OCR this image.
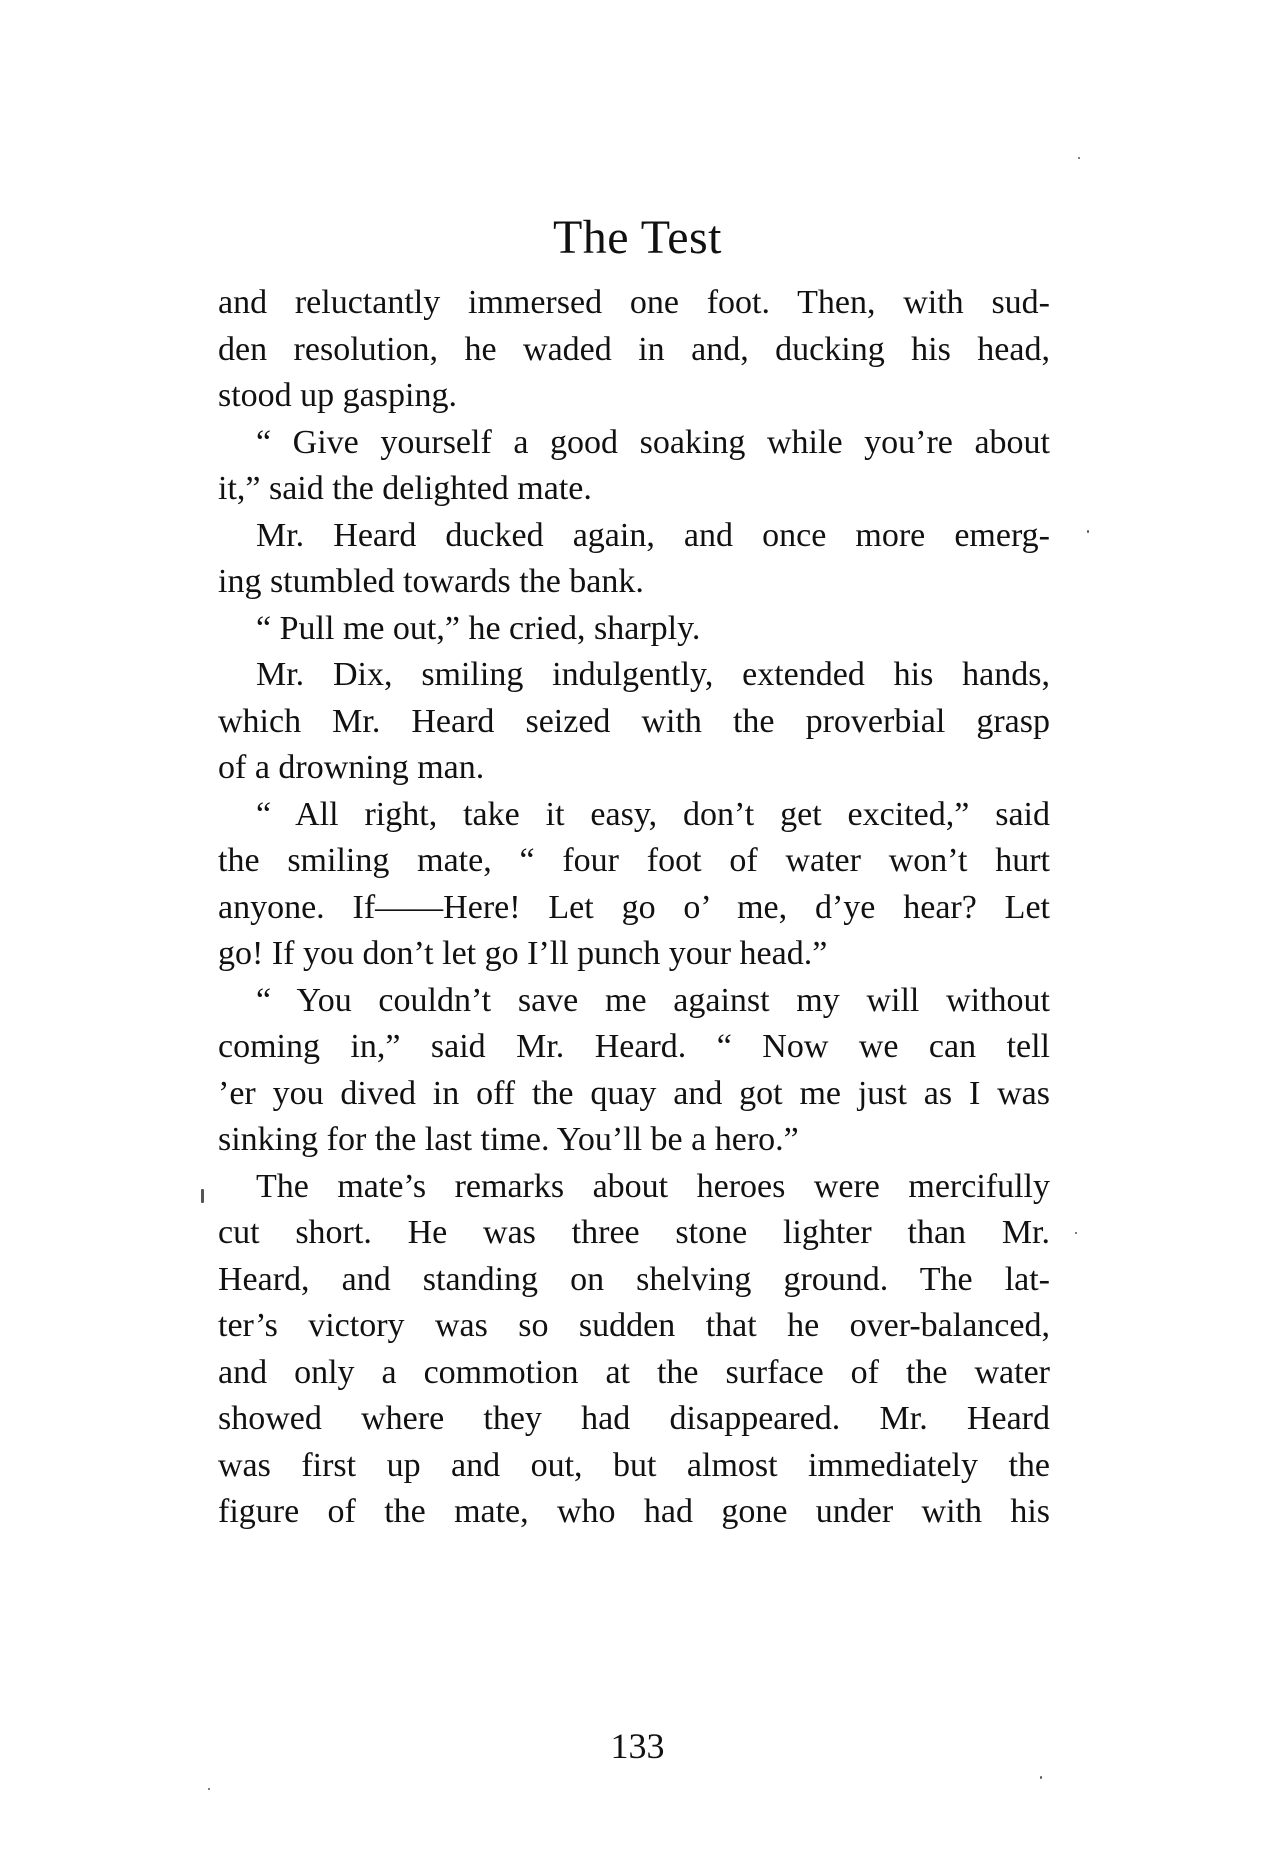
The Test
and reluctantly immersed one foot. Then, with sud-
den resolution, he waded in and, ducking his head,
stood up gasping.
“ Give yourself a good soaking while you’re about
it,” said the delighted mate.
Mr. Heard ducked again, and once more emerg-
ing stumbled towards the bank.
“ Pull me out,” he cried, sharply.
Mr. Dix, smiling indulgently, extended his hands,
which Mr. Heard seized with the proverbial grasp
of a drowning man.
“ All right, take it easy, don’t get excited,” said
the smiling mate, “ four foot of water won’t hurt
anyone. If——Here! Let go o’ me, d’ye hear? Let
go! If you don’t let go I’ll punch your head.”
“ You couldn’t save me against my will without
coming in,” said Mr. Heard. “ Now we can tell
’er you dived in off the quay and got me just as I was
sinking for the last time. You’ll be a hero.”
The mate’s remarks about heroes were mercifully
cut short. He was three stone lighter than Mr.
Heard, and standing on shelving ground. The lat-
ter’s victory was so sudden that he over-balanced,
and only a commotion at the surface of the water
showed where they had disappeared. Mr. Heard
was first up and out, but almost immediately the
figure of the mate, who had gone under with his
133
